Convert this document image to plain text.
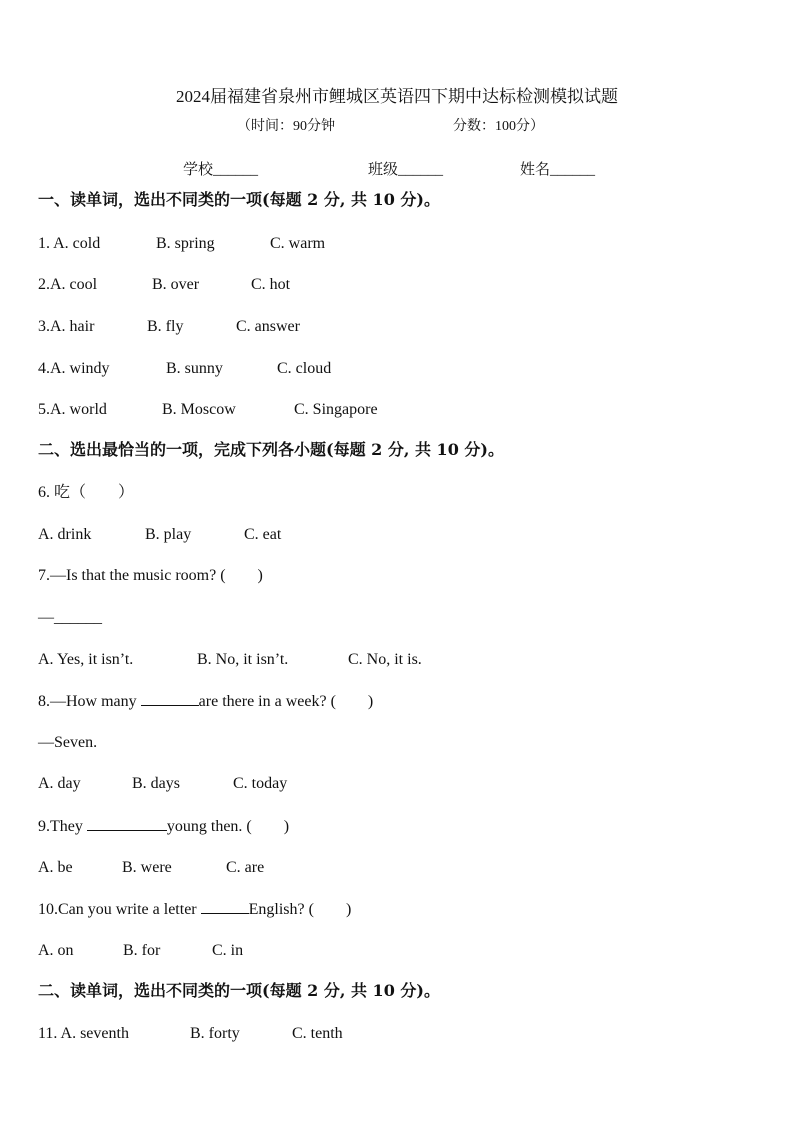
2024届福建省泉州市鲤城区英语四下期中达标检测模拟试题
（时间：90分钟	分数：100分）
学校______	班级______	姓名______
一、读单词，选出不同类的一项(每题 2 分, 共 10 分)。
1. A. cold	B. spring	C. warm
2.A. cool	B. over	C. hot
3.A. hair	B. fly	C. answer
4.A. windy	B. sunny	C. cloud
5.A. world	B. Moscow	C. Singapore
二、选出最恰当的一项，完成下列各小题(每题 2 分, 共 10 分)。
6. 吃（　　）
A. drink	B. play	C. eat
7.—Is that the music room? (　　)
—______
A. Yes, it isn’t.	B. No, it isn’t.	C. No, it is.
8.—How many	are there in a week? (　　)
—Seven.
A. day	B. days	C. today
9.They	young then. (　　)
A. be	B. were	C. are
10.Can you write a letter	English? (　　)
A. on	B. for	C. in
二、读单词，选出不同类的一项(每题 2 分, 共 10 分)。
11. A. seventh	B. forty	C. tenth
